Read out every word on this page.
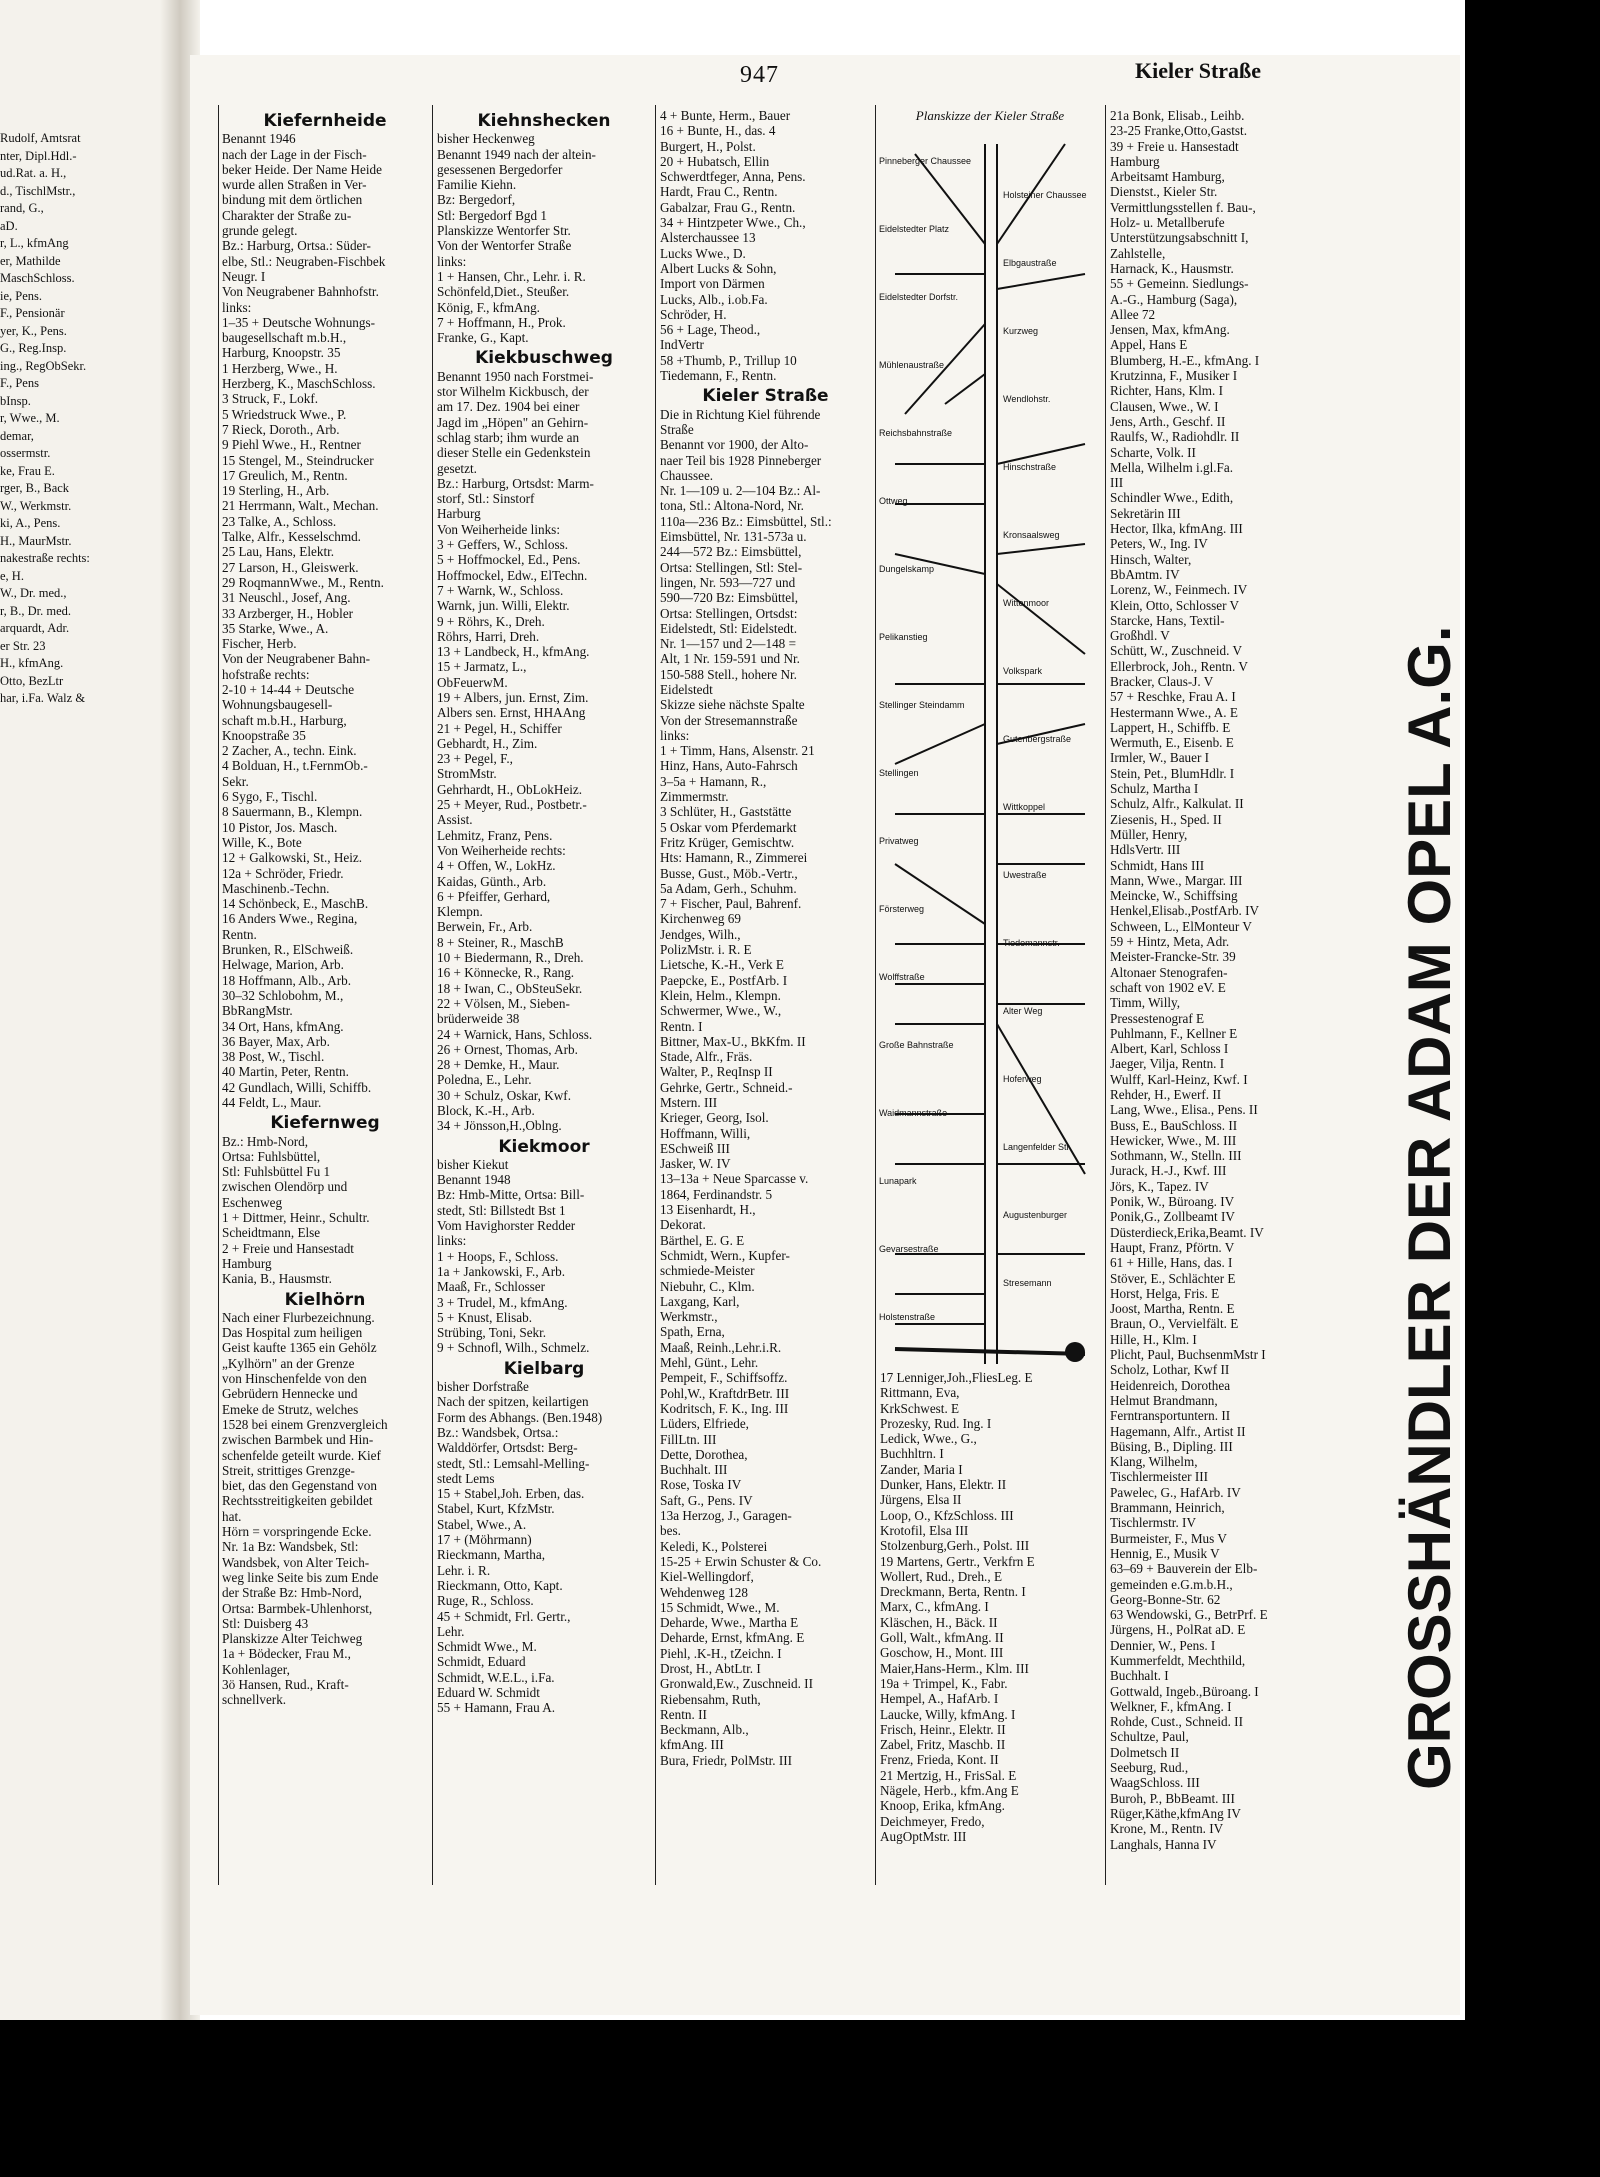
Rudolf, Amtsrat
nter, Dipl.Hdl.-
ud.Rat. a. H.,
d., TischlMstr.,
rand, G.,
aD.
r, L., kfmAng
er, Mathilde
MaschSchloss.
ie, Pens.
F., Pensionär
yer, K., Pens.
G., Reg.Insp.
ing., RegObSekr.
F., Pens
bInsp.
r, Wwe., M.
demar,
ossermstr.
ke, Frau E.
rger, B., Back
W., Werkmstr.
ki, A., Pens.
H., MaurMstr.
nakestraße rechts:
e, H.
W., Dr. med.,
r, B., Dr. med.
arquardt, Adr.
er Str. 23
H., kfmAng.
Otto, BezLtr
har, i.Fa. Walz &
947	Kieler Straße
Kiefernheide
Benannt 1946
nach der Lage in der Fisch-
beker Heide. Der Name Heide
wurde allen Straßen in Ver-
bindung mit dem örtlichen
Charakter der Straße zu-
grunde gelegt.
Bz.: Harburg, Ortsa.: Süder-
elbe, Stl.: Neugraben-Fischbek
Neugr. I
Von Neugrabener Bahnhofstr.
links:
1–35 + Deutsche Wohnungs-
baugesellschaft m.b.H.,
Harburg, Knoopstr. 35
1 Herzberg, Wwe., H.
Herzberg, K., MaschSchloss.
3 Struck, F., Lokf.
5 Wriedstruck Wwe., P.
7 Rieck, Doroth., Arb.
9 Piehl Wwe., H., Rentner
15 Stengel, M., Steindrucker
17 Greulich, M., Rentn.
19 Sterling, H., Arb.
21 Herrmann, Walt., Mechan.
23 Talke, A., Schloss.
Talke, Alfr., Kesselschmd.
25 Lau, Hans, Elektr.
27 Larson, H., Gleiswerk.
29 RoqmannWwe., M., Rentn.
31 Neuschl., Josef, Ang.
33 Arzberger, H., Hobler
35 Starke, Wwe., A.
Fischer, Herb.
Von der Neugrabener Bahn-
hofstraße rechts:
2-10 + 14-44 + Deutsche
Wohnungsbaugesell-
schaft m.b.H., Harburg,
Knoopstraße 35
2 Zacher, A., techn. Eink.
4 Bolduan, H., t.FernmOb.-
Sekr.
6 Sygo, F., Tischl.
8 Sauermann, B., Klempn.
10 Pistor, Jos. Masch.
Wille, K., Bote
12 + Galkowski, St., Heiz.
12a + Schröder, Friedr.
Maschinenb.-Techn.
14 Schönbeck, E., MaschB.
16 Anders Wwe., Regina,
Rentn.
Brunken, R., ElSchweiß.
Helwage, Marion, Arb.
18 Hoffmann, Alb., Arb.
30–32 Schlobohm, M.,
BbRangMstr.
34 Ort, Hans, kfmAng.
36 Bayer, Max, Arb.
38 Post, W., Tischl.
40 Martin, Peter, Rentn.
42 Gundlach, Willi, Schiffb.
44 Feldt, L., Maur.
Kiefernweg
Bz.: Hmb-Nord,
Ortsa: Fuhlsbüttel,
Stl: Fuhlsbüttel Fu 1
zwischen Olendörp und
Eschenweg
1 + Dittmer, Heinr., Schultr.
Scheidtmann, Else
2 + Freie und Hansestadt
Hamburg
Kania, B., Hausmstr.
Kielhörn
Nach einer Flurbezeichnung.
Das Hospital zum heiligen
Geist kaufte 1365 ein Gehölz
„Kylhörn" an der Grenze
von Hinschenfelde von den
Gebrüdern Hennecke und
Emeke de Strutz, welches
1528 bei einem Grenzvergleich
zwischen Barmbek und Hin-
schenfelde geteilt wurde. Kief
Streit, strittiges Grenzge-
biet, das den Gegenstand von
Rechtsstreitigkeiten gebildet
hat.
Hörn = vorspringende Ecke.
Nr. 1a Bz: Wandsbek, Stl:
Wandsbek, von Alter Teich-
weg linke Seite bis zum Ende
der Straße Bz: Hmb-Nord,
Ortsa: Barmbek-Uhlenhorst,
Stl: Duisberg 43
Planskizze Alter Teichweg
1a + Bödecker, Frau M.,
Kohlenlager,
3ö Hansen, Rud., Kraft-
schnellverk.
Kiehnshecken
bisher Heckenweg
Benannt 1949 nach der altein-
gesessenen Bergedorfer
Familie Kiehn.
Bz: Bergedorf,
Stl: Bergedorf Bgd 1
Planskizze Wentorfer Str.
Von der Wentorfer Straße
links:
1 + Hansen, Chr., Lehr. i. R.
Schönfeld,Diet., Steußer.
König, F., kfmAng.
7 + Hoffmann, H., Prok.
Franke, G., Kapt.
Kiekbuschweg
Benannt 1950 nach Forstmei-
stor Wilhelm Kickbusch, der
am 17. Dez. 1904 bei einer
Jagd im „Höpen" an Gehirn-
schlag starb; ihm wurde an
dieser Stelle ein Gedenkstein
gesetzt.
Bz.: Harburg, Ortsdst: Marm-
storf, Stl.: Sinstorf
Harburg
Von Weiherheide links:
3 + Geffers, W., Schloss.
5 + Hoffmockel, Ed., Pens.
Hoffmockel, Edw., ElTechn.
7 + Warnk, W., Schloss.
Warnk, jun. Willi, Elektr.
9 + Röhrs, K., Dreh.
Röhrs, Harri, Dreh.
13 + Landbeck, H., kfmAng.
15 + Jarmatz, L.,
ObFeuerwM.
19 + Albers, jun. Ernst, Zim.
Albers sen. Ernst, HHAAng
21 + Pegel, H., Schiffer
Gebhardt, H., Zim.
23 + Pegel, F.,
StromMstr.
Gehrhardt, H., ObLokHeiz.
25 + Meyer, Rud., Postbetr.-
Assist.
Lehmitz, Franz, Pens.
Von Weiherheide rechts:
4 + Offen, W., LokHz.
Kaidas, Günth., Arb.
6 + Pfeiffer, Gerhard,
Klempn.
Berwein, Fr., Arb.
8 + Steiner, R., MaschB
10 + Biedermann, R., Dreh.
16 + Könnecke, R., Rang.
18 + Iwan, C., ObSteuSekr.
22 + Völsen, M., Sieben-
brüderweide 38
24 + Warnick, Hans, Schloss.
26 + Ornest, Thomas, Arb.
28 + Demke, H., Maur.
Poledna, E., Lehr.
30 + Schulz, Oskar, Kwf.
Block, K.-H., Arb.
34 + Jönsson,H.,Oblng.
Kiekmoor
bisher Kiekut
Benannt 1948
Bz: Hmb-Mitte, Ortsa: Bill-
stedt, Stl: Billstedt Bst 1
Vom Havighorster Redder
links:
1 + Hoops, F., Schloss.
1a + Jankowski, F., Arb.
Maaß, Fr., Schlosser
3 + Trudel, M., kfmAng.
5 + Knust, Elisab.
Strübing, Toni, Sekr.
9 + Schnofl, Wilh., Schmelz.
Kielbarg
bisher Dorfstraße
Nach der spitzen, keilartigen
Form des Abhangs. (Ben.1948)
Bz.: Wandsbek, Ortsa.:
Walddörfer, Ortsdst: Berg-
stedt, Stl.: Lemsahl-Melling-
stedt Lems
15 + Stabel,Joh. Erben, das.
Stabel, Kurt, KfzMstr.
Stabel, Wwe., A.
17 + (Möhrmann)
Rieckmann, Martha,
Lehr. i. R.
Rieckmann, Otto, Kapt.
Ruge, R., Schloss.
45 + Schmidt, Frl. Gertr.,
Lehr.
Schmidt Wwe., M.
Schmidt, Eduard
Schmidt, W.E.L., i.Fa.
Eduard W. Schmidt
55 + Hamann, Frau A.
4 + Bunte, Herm., Bauer
16 + Bunte, H., das. 4
Burgert, H., Polst.
20 + Hubatsch, Ellin
Schwerdtfeger, Anna, Pens.
Hardt, Frau C., Rentn.
Gabalzar, Frau G., Rentn.
34 + Hintzpeter Wwe., Ch.,
Alsterchaussee 13
Lucks Wwe., D.
Albert Lucks & Sohn,
Import von Därmen
Lucks, Alb., i.ob.Fa.
Schröder, H.
56 + Lage, Theod.,
IndVertr
58 +Thumb, P., Trillup 10
Tiedemann, F., Rentn.
Kieler Straße
Die in Richtung Kiel führende
Straße
Benannt vor 1900, der Alto-
naer Teil bis 1928 Pinneberger
Chaussee.
Nr. 1—109 u. 2—104 Bz.: Al-
tona, Stl.: Altona-Nord, Nr.
110a—236 Bz.: Eimsbüttel, Stl.:
Eimsbüttel, Nr. 131-573a u.
244—572 Bz.: Eimsbüttel,
Ortsa: Stellingen, Stl: Stel-
lingen, Nr. 593—727 und
590—720 Bz: Eimsbüttel,
Ortsa: Stellingen, Ortsdst:
Eidelstedt, Stl: Eidelstedt.
Nr. 1—157 und 2—148 =
Alt, 1 Nr. 159-591 und Nr.
150-588 Stell., hohere Nr.
Eidelstedt
Skizze siehe nächste Spalte
Von der Stresemannstraße
links:
1 + Timm, Hans, Alsenstr. 21
Hinz, Hans, Auto-Fahrsch
3–5a + Hamann, R.,
Zimmermstr.
3 Schlüter, H., Gaststätte
5 Oskar vom Pferdemarkt
Fritz Krüger, Gemischtw.
Hts: Hamann, R., Zimmerei
Busse, Gust., Möb.-Vertr.,
5a Adam, Gerh., Schuhm.
7 + Fischer, Paul, Bahrenf.
Kirchenweg 69
Jendges, Wilh.,
PolizMstr. i. R. E
Lietsche, K.-H., Verk E
Paepcke, E., PostfArb. I
Klein, Helm., Klempn.
Schwermer, Wwe., W.,
Rentn. I
Bittner, Max-U., BkKfm. II
Stade, Alfr., Fräs.
Walter, P., ReqInsp II
Gehrke, Gertr., Schneid.-
Mstern. III
Krieger, Georg, Isol.
Hoffmann, Willi,
ESchweiß III
Jasker, W. IV
13–13a + Neue Sparcasse v.
1864, Ferdinandstr. 5
13 Eisenhardt, H.,
Dekorat.
Bärthel, E. G. E
Schmidt, Wern., Kupfer-
schmiede-Meister
Niebuhr, C., Klm.
Laxgang, Karl,
Werkmstr.,
Spath, Erna,
Maaß, Reinh.,Lehr.i.R.
Mehl, Günt., Lehr.
Pempeit, F., Schiffsoffz.
Pohl,W., KraftdrBetr. III
Kodritsch, F. K., Ing. III
Lüders, Elfriede,
FillLtn. III
Dette, Dorothea,
Buchhalt. III
Rose, Toska IV
Saft, G., Pens. IV
13a Herzog, J., Garagen-
bes.
Keledi, K., Polsterei
15-25 + Erwin Schuster & Co.
Kiel-Wellingdorf,
Wehdenweg 128
15 Schmidt, Wwe., M.
Deharde, Wwe., Martha E
Deharde, Ernst, kfmAng. E
Piehl, .K-H., tZeichn. I
Drost, H., AbtLtr. I
Gronwald,Ew., Zuschneid. II
Riebensahm, Ruth,
Rentn. II
Beckmann, Alb.,
kfmAng. III
Bura, Friedr, PolMstr. III
Planskizze der Kieler Straße
Pinneberger Chaussee
Holsteiner Chaussee
Eidelstedter Platz
Elbgaustraße
Eidelstedter Dorfstr.
Kurzweg
Mühlenaustraße
Wendlohstr.
Reichsbahnstraße
Hinschstraße
Ottweg
Kronsaalsweg
Dungelskamp
Wittenmoor
Pelikanstieg
Volkspark
Stellinger Steindamm
Gutenbergstraße
Stellingen
Wittkoppel
Privatweg
Uwestraße
Försterweg
Tiedemannstr.
Wolffstraße
Alter Weg
Große Bahnstraße
Hoferweg
Waidmannstraße
Langenfelder Str.
Lunapark
Augustenburger
Gevarsestraße
Stresemann
Holstenstraße
17 Lenniger,Joh.,FliesLeg. E
Rittmann, Eva,
KrkSchwest. E
Prozesky, Rud. Ing. I
Ledick, Wwe., G.,
Buchhltrn. I
Zander, Maria I
Dunker, Hans, Elektr. II
Jürgens, Elsa II
Loop, O., KfzSchloss. III
Krotofil, Elsa III
Stolzenburg,Gerh., Polst. III
19 Martens, Gertr., Verkfrn E
Wollert, Rud., Dreh., E
Dreckmann, Berta, Rentn. I
Marx, C., kfmAng. I
Kläschen, H., Bäck. II
Goll, Walt., kfmAng. II
Goschow, H., Mont. III
Maier,Hans-Herm., Klm. III
19a + Trimpel, K., Fabr.
Hempel, A., HafArb. I
Laucke, Willy, kfmAng. I
Frisch, Heinr., Elektr. II
Zabel, Fritz, Maschb. II
Frenz, Frieda, Kont. II
21 Mertzig, H., FrisSal. E
Nägele, Herb., kfm.Ang E
Knoop, Erika, kfmAng.
Deichmeyer, Fredo,
AugOptMstr. III
21a Bonk, Elisab., Leihb.
23-25 Franke,Otto,Gastst.
39 + Freie u. Hansestadt
Hamburg
Arbeitsamt Hamburg,
Dienstst., Kieler Str.
Vermittlungsstellen f. Bau-,
Holz- u. Metallberufe
Unterstützungsabschnitt I,
Zahlstelle,
Harnack, K., Hausmstr.
55 + Gemeinn. Siedlungs-
A.-G., Hamburg (Saga),
Allee 72
Jensen, Max, kfmAng.
Appel, Hans E
Blumberg, H.-E., kfmAng. I
Krutzinna, F., Musiker I
Richter, Hans, Klm. I
Clausen, Wwe., W. I
Jens, Arth., Geschf. II
Raulfs, W., Radiohdlr. II
Scharte, Volk. II
Mella, Wilhelm i.gl.Fa.
III
Schindler Wwe., Edith,
Sekretärin III
Hector, Ilka, kfmAng. III
Peters, W., Ing. IV
Hinsch, Walter,
BbAmtm. IV
Lorenz, W., Feinmech. IV
Klein, Otto, Schlosser V
Starcke, Hans, Textil-
Großhdl. V
Schütt, W., Zuschneid. V
Ellerbrock, Joh., Rentn. V
Bracker, Claus-J. V
57 + Reschke, Frau A. I
Hestermann Wwe., A. E
Lappert, H., Schiffb. E
Wermuth, E., Eisenb. E
Irmler, W., Bauer I
Stein, Pet., BlumHdlr. I
Schulz, Martha I
Schulz, Alfr., Kalkulat. II
Ziesenis, H., Sped. II
Müller, Henry,
HdlsVertr. III
Schmidt, Hans III
Mann, Wwe., Margar. III
Meincke, W., Schiffsing
Henkel,Elisab.,PostfArb. IV
Schween, L., ElMonteur V
59 + Hintz, Meta, Adr.
Meister-Francke-Str. 39
Altonaer Stenografen-
schaft von 1902 eV. E
Timm, Willy,
Pressestenograf E
Puhlmann, F., Kellner E
Albert, Karl, Schloss I
Jaeger, Vilja, Rentn. I
Wulff, Karl-Heinz, Kwf. I
Rehder, H., Ewerf. II
Lang, Wwe., Elisa., Pens. II
Buss, E., BauSchloss. II
Hewicker, Wwe., M. III
Sothmann, W., Stelln. III
Jurack, H.-J., Kwf. III
Jörs, K., Tapez. IV
Ponik, W., Büroang. IV
Ponik,G., Zollbeamt IV
Düsterdieck,Erika,Beamt. IV
Haupt, Franz, Pförtn. V
61 + Hille, Hans, das. I
Stöver, E., Schlächter E
Horst, Helga, Fris. E
Joost, Martha, Rentn. E
Braun, O., Vervielfält. E
Hille, H., Klm. I
Plicht, Paul, BuchsenmMstr I
Scholz, Lothar, Kwf II
Heidenreich, Dorothea
Helmut Brandmann,
Ferntransportuntern. II
Hagemann, Alfr., Artist II
Büsing, B., Dipling. III
Klang, Wilhelm,
Tischlermeister III
Pawelec, G., HafArb. IV
Brammann, Heinrich,
Tischlermstr. IV
Burmeister, F., Mus V
Hennig, E., Musik V
63–69 + Bauverein der Elb-
gemeinden e.G.m.b.H.,
Georg-Bonne-Str. 62
63 Wendowski, G., BetrPrf. E
Jürgens, H., PolRat aD. E
Dennier, W., Pens. I
Kummerfeldt, Mechthild,
Buchhalt. I
Gottwald, Ingeb.,Büroang. I
Welkner, F., kfmAng. I
Rohde, Cust., Schneid. II
Schultze, Paul,
Dolmetsch II
Seeburg, Rud.,
WaagSchloss. III
Buroh, P., BbBeamt. III
Rüger,Käthe,kfmAng IV
Krone, M., Rentn. IV
Langhals, Hanna IV
GROSSHÄNDLER DER ADAM OPEL A.G.
